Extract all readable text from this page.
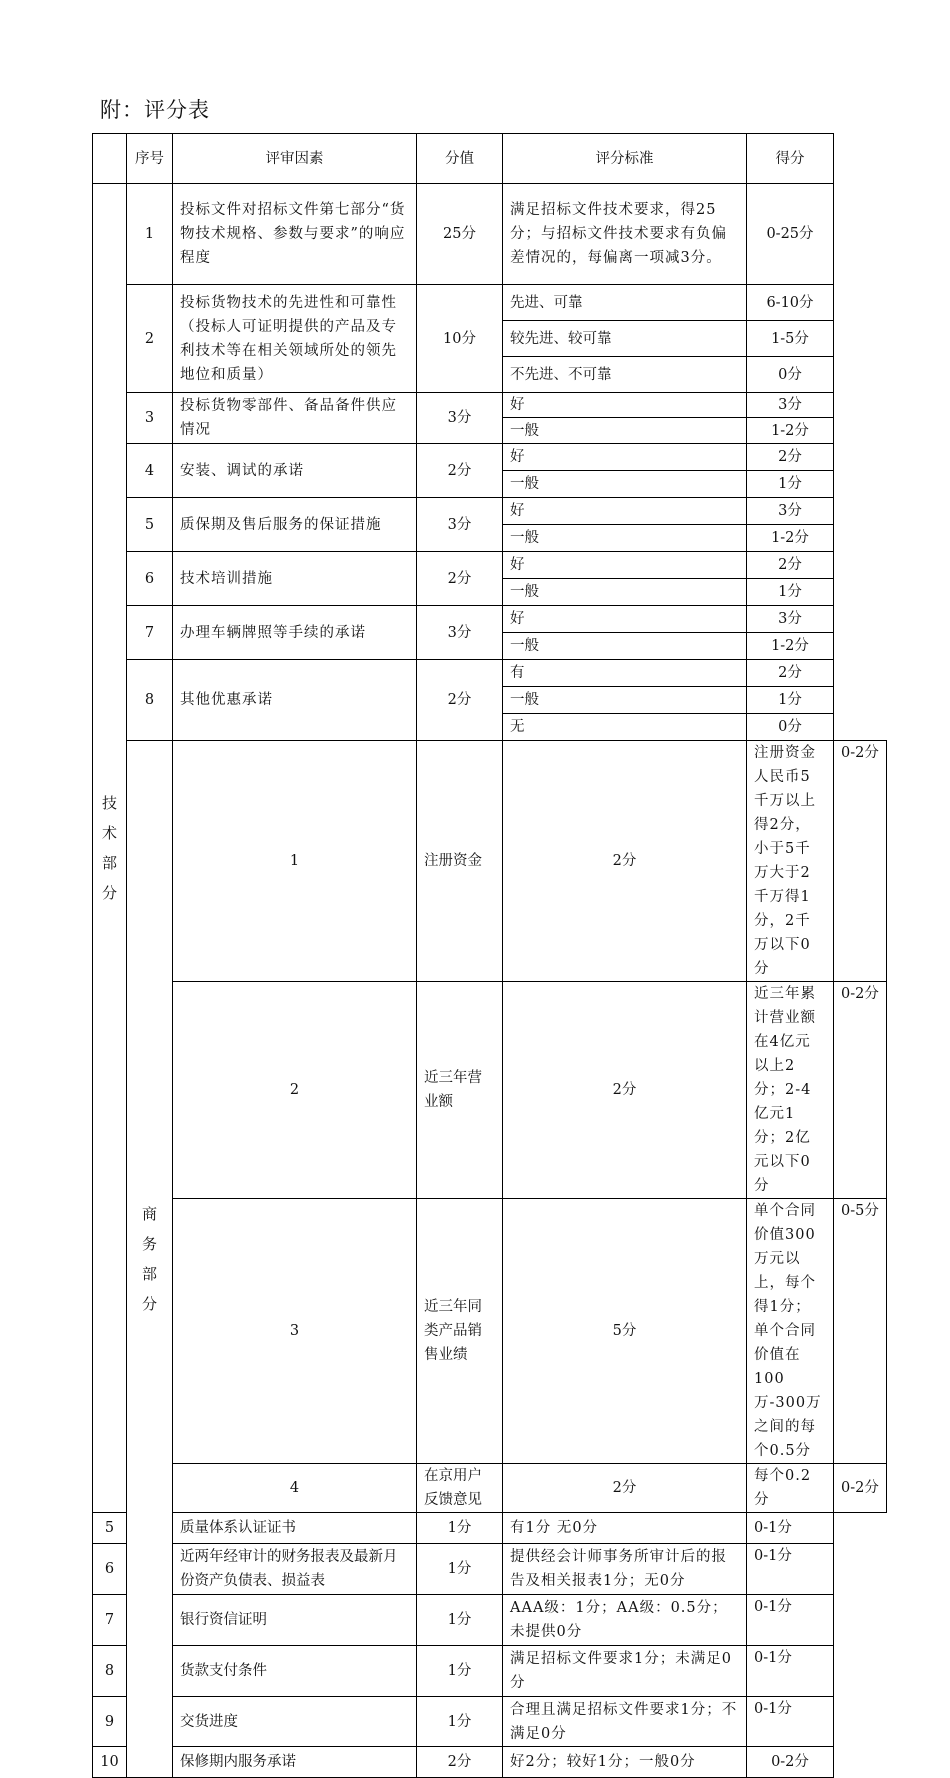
附：评分表
	序号	评审因素	分值	评分标准	得分	
技术部分	1	投标文件对招标文件第七部分“货物技术规格、参数与要求”的响应程度	25分	满足招标文件技术要求，得25分；与招标文件技术要求有负偏差情况的，每偏离一项减3分。	0-25分	
	2	投标货物技术的先进性和可靠性（投标人可证明提供的产品及专利技术等在相关领域所处的领先地位和质量）	10分	先进、可靠	6-10分	
				较先进、较可靠	1-5分	
				不先进、不可靠	0分	
	3	投标货物零部件、备品备件供应情况	3分	好	3分	
				一般	1-2分	
	4	安装、调试的承诺	2分	好	2分	
				一般	1分	
	5	质保期及售后服务的保证措施	3分	好	3分	
				一般	1-2分	
	6	技术培训措施	2分	好	2分	
				一般	1分	
	7	办理车辆牌照等手续的承诺	3分	好	3分	
				一般	1-2分	
	8	其他优惠承诺	2分	有	2分	
				一般	1分	
				无	0分	
	商务部分	1	注册资金	2分	注册资金人民币5千万以上得2分，小于5千万大于2千万得1分，2千万以下0分	0-2分
		2	近三年营业额	2分	近三年累计营业额在4亿元以上2分；2-4亿元1分；2亿元以下0分	0-2分
		3	近三年同类产品销售业绩	5分	单个合同价值300万元以上，每个得1分；单个合同价值在100万-300万之间的每个0.5分	0-5分
		4	在京用户反馈意见	2分	每个0.2分	0-2分
5		质量体系认证证书	1分	有1分 无0分	0-1分	
6		近两年经审计的财务报表及最新月份资产负债表、损益表	1分	提供经会计师事务所审计后的报告及相关报表1分；无0分	0-1分	
7		银行资信证明	1分	AAA级：1分；AA级：0.5分；未提供0分	0-1分	
8		货款支付条件	1分	满足招标文件要求1分；未满足0分	0-1分	
9		交货进度	1分	合理且满足招标文件要求1分；不满足0分	0-1分	
10		保修期内服务承诺	2分	好2分；较好1分；一般0分	0-2分	
